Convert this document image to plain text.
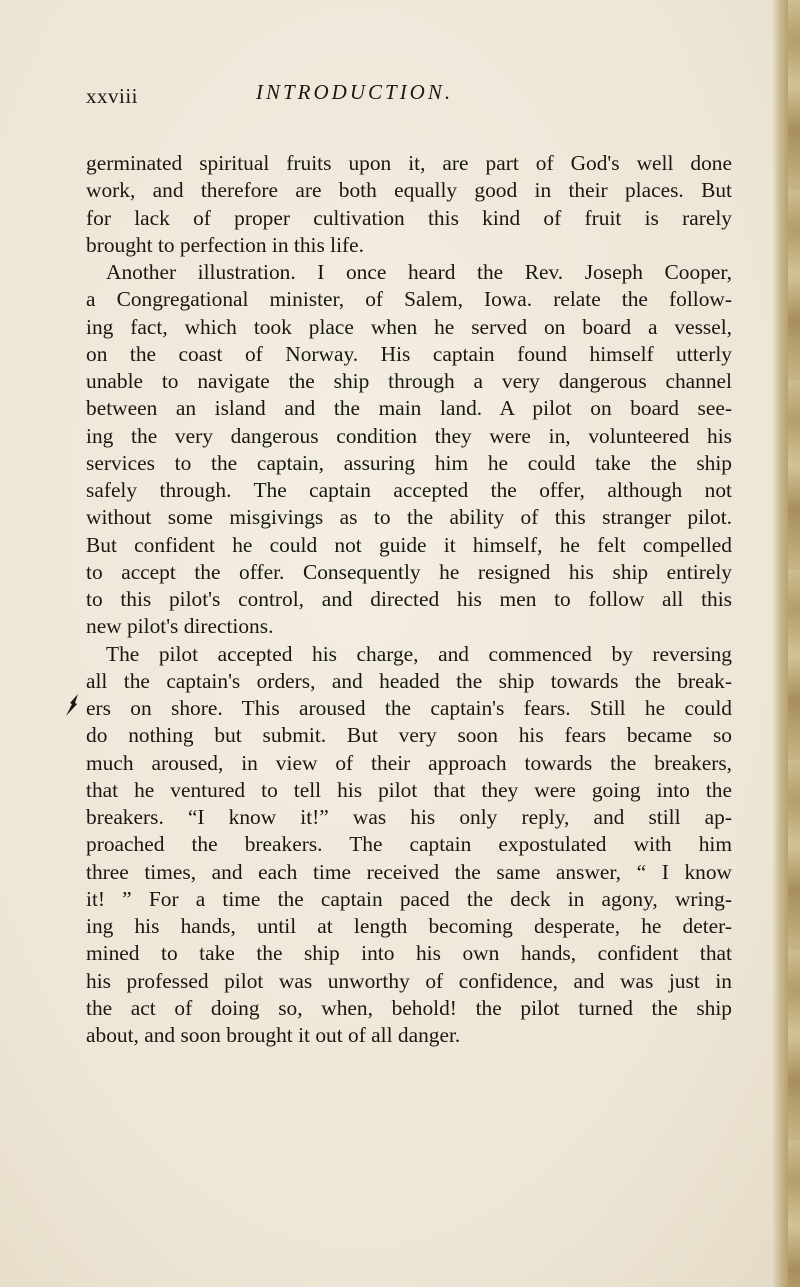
xxviii	INTRODUCTION.
germinated spiritual fruits upon it, are part of God's well done
work, and therefore are both equally good in their places. But
for lack of proper cultivation this kind of fruit is rarely
brought to perfection in this life.
Another illustration. I once heard the Rev. Joseph Cooper,
a Congregational minister, of Salem, Iowa. relate the follow-
ing fact, which took place when he served on board a vessel,
on the coast of Norway. His captain found himself utterly
unable to navigate the ship through a very dangerous channel
between an island and the main land. A pilot on board see-
ing the very dangerous condition they were in, volunteered his
services to the captain, assuring him he could take the ship
safely through. The captain accepted the offer, although not
without some misgivings as to the ability of this stranger pilot.
But confident he could not guide it himself, he felt compelled
to accept the offer. Consequently he resigned his ship entirely
to this pilot's control, and directed his men to follow all this
new pilot's directions.
The pilot accepted his charge, and commenced by reversing
all the captain's orders, and headed the ship towards the break-
ers on shore. This aroused the captain's fears. Still he could
do nothing but submit. But very soon his fears became so
much aroused, in view of their approach towards the breakers,
that he ventured to tell his pilot that they were going into the
breakers. “I know it!” was his only reply, and still ap-
proached the breakers. The captain expostulated with him
three times, and each time received the same answer, “ I know
it! ” For a time the captain paced the deck in agony, wring-
ing his hands, until at length becoming desperate, he deter-
mined to take the ship into his own hands, confident that
his professed pilot was unworthy of confidence, and was just in
the act of doing so, when, behold! the pilot turned the ship
about, and soon brought it out of all danger.
